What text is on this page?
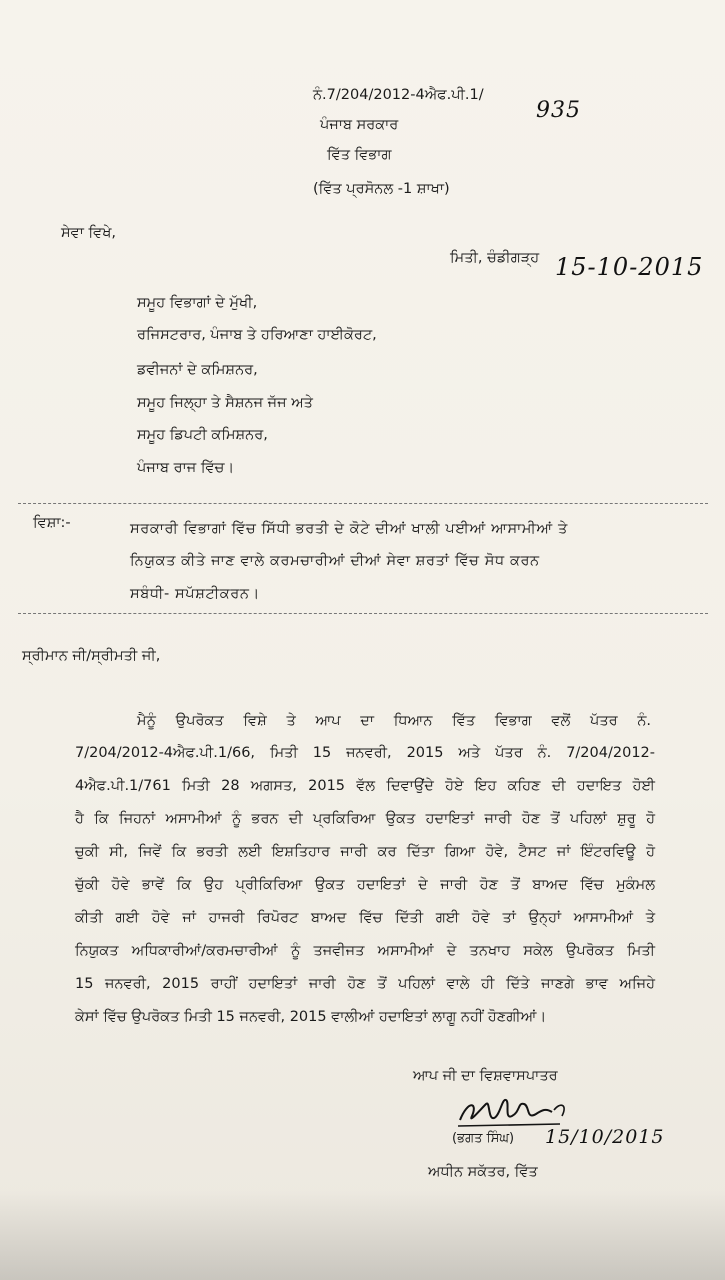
ਨੰ.7/204/2012-4ਐਫ.ਪੀ.1/
935
ਪੰਜਾਬ ਸਰਕਾਰ
ਵਿੱਤ ਵਿਭਾਗ
(ਵਿੱਤ ਪ੍ਰਸੋਨਲ -1 ਸ਼ਾਖਾ)
ਸੇਵਾ ਵਿਖੇ,
ਮਿਤੀ, ਚੰਡੀਗੜ੍ਹ 15-10-2015
ਸਮੂਹ ਵਿਭਾਗਾਂ ਦੇ ਮੁੱਖੀ,
ਰਜਿਸਟਰਾਰ, ਪੰਜਾਬ ਤੇ ਹਰਿਆਣਾ ਹਾਈਕੋਰਟ,
ਡਵੀਜਨਾਂ ਦੇ ਕਮਿਸ਼ਨਰ,
ਸਮੂਹ ਜਿਲ੍ਹਾ ਤੇ ਸੈਸ਼ਨਜ ਜੱਜ ਅਤੇ
ਸਮੂਹ ਡਿਪਟੀ ਕਮਿਸ਼ਨਰ,
ਪੰਜਾਬ ਰਾਜ ਵਿੱਚ।
ਵਿਸ਼ਾ:-	ਸਰਕਾਰੀ ਵਿਭਾਗਾਂ ਵਿੱਚ ਸਿੱਧੀ ਭਰਤੀ ਦੇ ਕੋਟੇ ਦੀਆਂ ਖਾਲੀ ਪਈਆਂ ਆਸਾਮੀਆਂ ਤੇ
ਨਿਯੁਕਤ ਕੀਤੇ ਜਾਣ ਵਾਲੇ ਕਰਮਚਾਰੀਆਂ ਦੀਆਂ ਸੇਵਾ ਸ਼ਰਤਾਂ ਵਿੱਚ ਸੋਧ ਕਰਨ
ਸਬੰਧੀ- ਸਪੱਸ਼ਟੀਕਰਨ।
ਸ੍ਰੀਮਾਨ ਜੀ/ਸ੍ਰੀਮਤੀ ਜੀ,
ਮੈਨੂੰ ਉਪਰੋਕਤ ਵਿਸ਼ੇ ਤੇ ਆਪ ਦਾ ਧਿਆਨ ਵਿੱਤ ਵਿਭਾਗ ਵਲੋਂ ਪੱਤਰ ਨੰ.
7/204/2012-4ਐਫ.ਪੀ.1/66, ਮਿਤੀ 15 ਜਨਵਰੀ, 2015 ਅਤੇ ਪੱਤਰ ਨੰ. 7/204/2012-
4ਐਫ.ਪੀ.1/761 ਮਿਤੀ 28 ਅਗਸਤ, 2015 ਵੱਲ ਦਿਵਾਉਂਦੇ ਹੋਏ ਇਹ ਕਹਿਣ ਦੀ ਹਦਾਇਤ ਹੋਈ
ਹੈ ਕਿ ਜਿਹਨਾਂ ਅਸਾਮੀਆਂ ਨੂੰ ਭਰਨ ਦੀ ਪ੍ਰਕਿਰਿਆ ਉਕਤ ਹਦਾਇਤਾਂ ਜਾਰੀ ਹੋਣ ਤੋਂ ਪਹਿਲਾਂ ਸ਼ੁਰੂ ਹੋ
ਚੁਕੀ ਸੀ, ਜਿਵੇਂ ਕਿ ਭਰਤੀ ਲਈ ਇਸ਼ਤਿਹਾਰ ਜਾਰੀ ਕਰ ਦਿੱਤਾ ਗਿਆ ਹੋਵੇ, ਟੈਸਟ ਜਾਂ ਇੰਟਰਵਿਊ ਹੋ
ਚੁੱਕੀ ਹੋਵੇ ਭਾਵੇਂ ਕਿ ਉਹ ਪ੍ਰੀਕਿਰਿਆ ਉਕਤ ਹਦਾਇਤਾਂ ਦੇ ਜਾਰੀ ਹੋਣ ਤੋਂ ਬਾਅਦ ਵਿੱਚ ਮੁਕੰਮਲ
ਕੀਤੀ ਗਈ ਹੋਵੇ ਜਾਂ ਹਾਜਰੀ ਰਿਪੋਰਟ ਬਾਅਦ ਵਿੱਚ ਦਿੱਤੀ ਗਈ ਹੋਵੇ ਤਾਂ ਉਨ੍ਹਾਂ ਆਸਾਮੀਆਂ ਤੇ
ਨਿਯੁਕਤ ਅਧਿਕਾਰੀਆਂ/ਕਰਮਚਾਰੀਆਂ ਨੂੰ ਤਜਵੀਜਤ ਅਸਾਮੀਆਂ ਦੇ ਤਨਖਾਹ ਸਕੇਲ ਉਪਰੋਕਤ ਮਿਤੀ
15 ਜਨਵਰੀ, 2015 ਰਾਹੀਂ ਹਦਾਇਤਾਂ ਜਾਰੀ ਹੋਣ ਤੋਂ ਪਹਿਲਾਂ ਵਾਲੇ ਹੀ ਦਿੱਤੇ ਜਾਣਗੇ ਭਾਵ ਅਜਿਹੇ
ਕੇਸਾਂ ਵਿੱਚ ਉਪਰੋਕਤ ਮਿਤੀ 15 ਜਨਵਰੀ, 2015 ਵਾਲੀਆਂ ਹਦਾਇਤਾਂ ਲਾਗੂ ਨਹੀਂ ਹੋਣਗੀਆਂ।
ਆਪ ਜੀ ਦਾ ਵਿਸ਼ਵਾਸਪਾਤਰ
(ਭਗਤ ਸਿੰਘ) 15/10/2015
ਅਧੀਨ ਸਕੱਤਰ, ਵਿੱਤ
